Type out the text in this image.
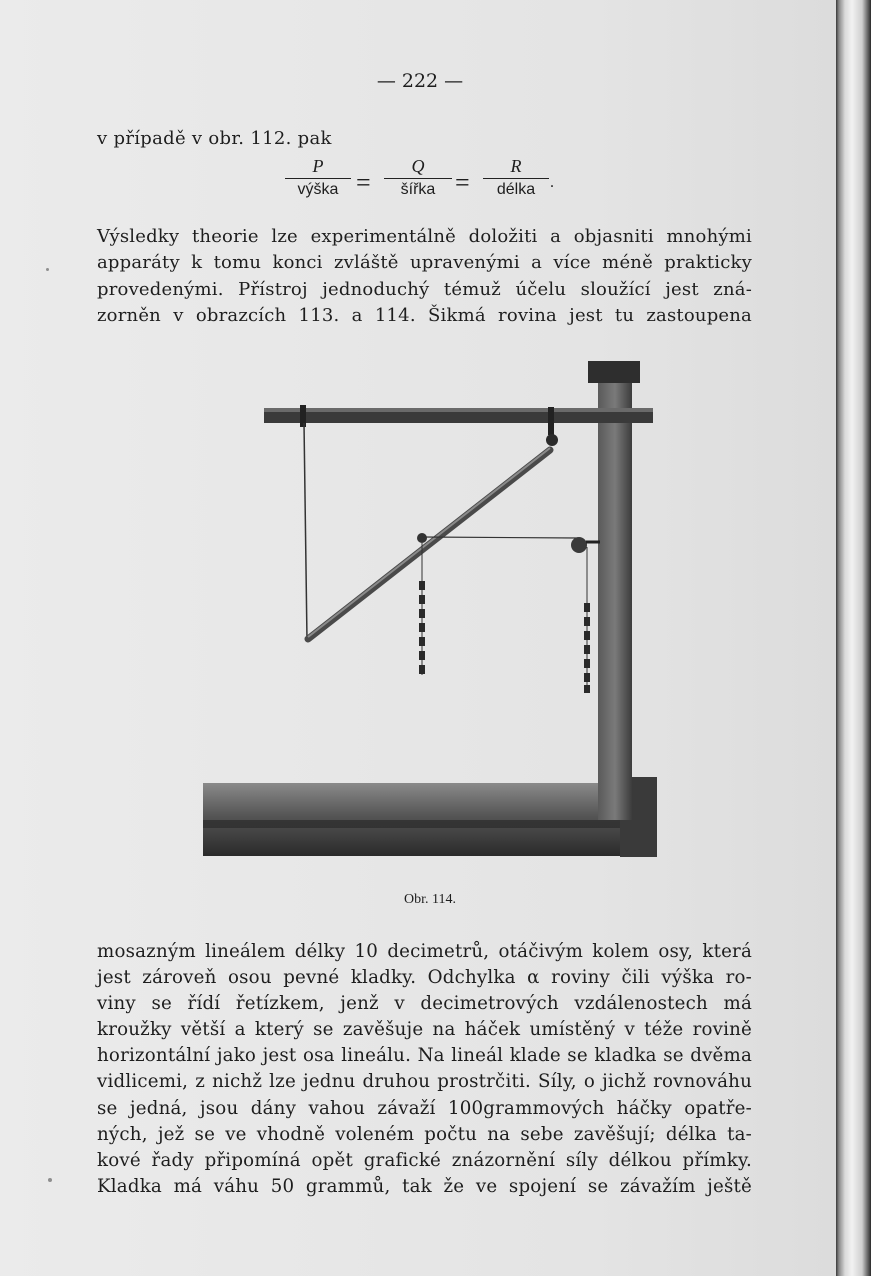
— 222 —
v případě v obr. 112. pak
P
výška =
Q
šířka =
R
délka .

Výsledky theorie lze experimentálně doložiti a objasniti mnohými
apparáty k tomu konci zvláště upravenými a více méně prakticky
provedenými. Přístroj jednoduchý témuž účelu sloužící jest zná-
zorněn v obrazcích 113. a 114. Šikmá rovina jest tu zastoupena

Obr. 114.

mosazným lineálem délky 10 decimetrů, otáčivým kolem osy, která
jest zároveň osou pevné kladky. Odchylka α roviny čili výška ro-
viny se řídí řetízkem, jenž v decimetrových vzdálenostech má
kroužky větší a který se zavěšuje na háček umístěný v téže rovině
horizontální jako jest osa lineálu. Na lineál klade se kladka se dvěma
vidlicemi, z nichž lze jednu druhou prostrčiti. Síly, o jichž rovnováhu
se jedná, jsou dány vahou závaží 100grammových háčky opatře-
ných, jež se ve vhodně voleném počtu na sebe zavěšují; délka ta-
kové řady připomíná opět grafické znázornění síly délkou přímky.
Kladka má váhu 50 grammů, tak že ve spojení se závažím ještě
